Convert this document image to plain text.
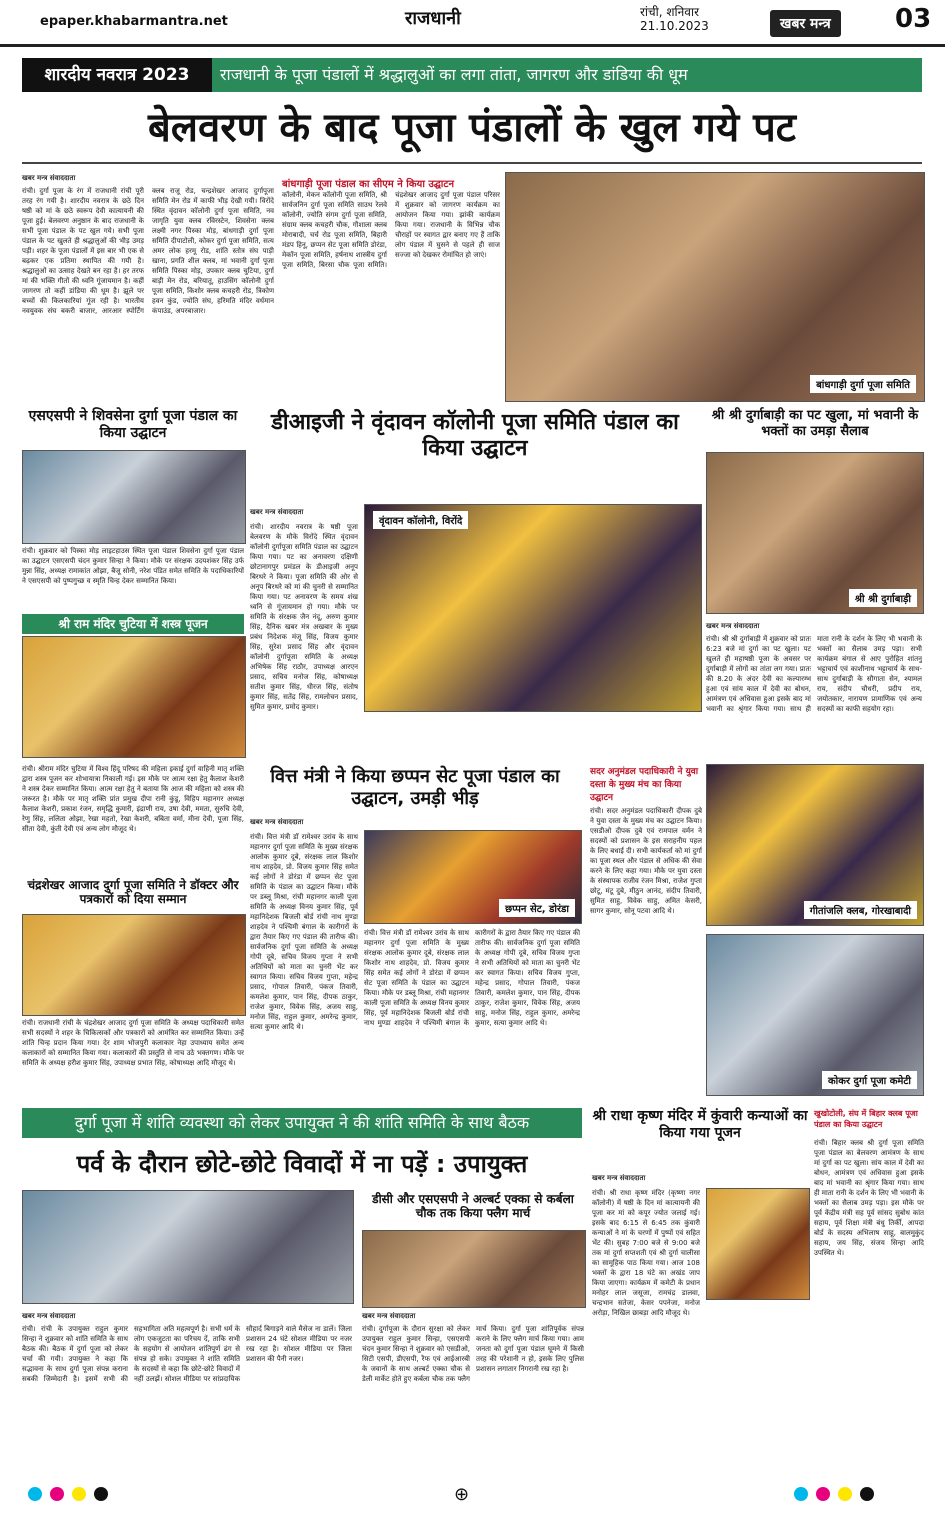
epaper.khabarmantra.net	राजधानी	रांची, शनिवार
21.10.2023	खबर मन्त्र	03
शारदीय नवरात्र 2023	राजधानी के पूजा पंडालों में श्रद्धालुओं का लगा तांता, जागरण और डांडिया की धूम
बेलवरण के बाद पूजा पंडालों के खुल गये पट
खबर मन्त्र संवाददाता
रांची। दुर्गा पूजा के रंग में राजधानी रांची पूरी तरह रंग गयी है। शारदीय नवरात्र के छठे दिन षष्ठी को मां के छठे स्वरूप देवी कात्यायनी की पूजा हुई। बेलवरण अनुष्ठान के बाद राजधानी के सभी पूजा पंडाल के पट खुल गये। सभी पूजा पंडाल के पट खुलते ही श्रद्धालुओं की भीड़ उमड़ पड़ी। शहर के पूजा पंडालों में इस बार भी एक से बढ़कर एक प्रतिमा स्थापित की गयी है। श्रद्धालुओं का उत्साह देखते बन रहा है। हर तरफ मां की भक्ति गीतों की ध्वनि गूंजायमान है। कहीं जागरण तो कहीं डांडिया की धूम है। झूले पर बच्चों की किलकारियां गूंज रही है। भारतीय नवयुवक संघ बकरी बाजार, आरआर स्पोर्टिंग क्लब राजू रोड, चन्द्रशेखर आजाद दुर्गापूजा समिति मेन रोड में काफी भीड़ देखी गयी। विरोंदे स्थित वृंदावन कॉलोनी दुर्गा पूजा समिति, नव जागृति युवा क्लब रविरस्टेन, शिवसेना क्लब लक्ष्मी नगर पिस्का मोड़, बांधगाड़ी दुर्गा पूजा समिति दीपाटोली, कोकर दुर्गा पूजा समिति, सत्य अमर लोक हरमू रोड, शांति स्तोत्र संघ पाड़ी खाना, प्रगति शील क्लब, मां भवानी दुर्गा पूजा समिति पिस्का मोड़, उपकार क्लब चुटिया, दुर्गा बाड़ी मेन रोड, बरियातू, हाउसिंग कॉलोनी दुर्गा पूजा समिति, किशोर क्लब कचहरी रोड, त्रिकोण हवन कुंड, ज्योति संघ, हरिमति मंदिर वर्धमान कंपाउंड, अपरबाजार।
बांधगाड़ी पूजा पंडाल का सीएम ने किया उद्घाटन
कॉलोनी, मेकन कॉलोनी पूजा समिति, श्री सार्वजनिन दुर्गा पूजा समिति साउथ रेलवे कॉलोनी, ज्योति संगम दुर्गा पूजा समिति, संग्राम क्लब कचहरी चौक, गौशाला क्लब मोराबादी, चर्च रोड पूजा समिति, बिहारी मंडप हिनू, छप्पन सेट पूजा समिति डोरंडा, मेकॉन पूजा समिति, हर्षनाथ शास्त्रीय दुर्गा पूजा समिति, बिरसा चौक पूजा समिति। चंद्रशेखर आजाद दुर्गा पूजा पंडाल परिसर में शुक्रवार को जागरण कार्यक्रम का आयोजन किया गया। झांकी कार्यक्रम किया गया। राजधानी के विभिन्न चौक चौराहों पर स्वागत द्वार बनाए गए हैं ताकि लोग पंडाल में घुसने से पहले ही साज सज्जा को देखकर रोमांचित हो जाएं।
बांधगाड़ी दुर्गा पूजा समिति
एसएसपी ने शिवसेना दुर्गा पूजा पंडाल का किया उद्घाटन
रांची। शुक्रवार को पिस्का मोड़ लाइटहाउस स्थित पूजा पंडाल शिवसेना दुर्गा पूजा पंडाल का उद्घाटन एसएसपी चंदन कुमार सिन्हा ने किया। मौके पर संरक्षक उदयशंकर सिंह उर्फ मुन्ना सिंह, अध्यक्ष रामाकांत ओझा, बैजू सोनी, नरेश पंडित समेत समिति के पदाधिकारियों ने एसएसपी को पुष्पगुच्छ व स्मृति चिन्ह देकर सम्मानित किया।
श्री राम मंदिर चुटिया में शस्त्र पूजन
डीआइजी ने वृंदावन कॉलोनी पूजा समिति पंडाल का किया उद्घाटन
खबर मन्त्र संवाददाता
रांची। शारदीय नवरात्र के षष्ठी पूजा बेलवरण के मौके विरोंदे स्थित वृंदावन कॉलोनी दुर्गापूजा समिति पंडाल का उद्घाटन किया गया। पट का अनावरण दक्षिणी छोटानागपुर प्रमंडल के डीआइजी अनूप बिरथरे ने किया। पूजा समिति की ओर से अनूप बिरथरे को मां की चुनरी से सम्मानित किया गया। पट अनावरण के समय शंख ध्वनि से गूंजायमान हो गया। मौके पर समिति के संरक्षक जैन नंदू, अरुण कुमार सिंह, दैनिक खबर मंत्र अखबार के मुख्य प्रबंध निदेशक मंजू सिंह, विजय कुमार सिंह, सुरेश प्रसाद सिंह और वृंदावन कॉलोनी दुर्गापूजा समिति के अध्यक्ष अभिषेक सिंह राठौर, उपाध्यक्ष आरएन प्रसाद, सचिव मनोज सिंह, कोषाध्यक्ष सतीश कुमार सिंह, धीरज सिंह, संतोष कुमार सिंह, सतेंद्र सिंह, रामलोचन प्रसाद, सुमित कुमार, प्रमोद कुमार।
वृंदावन कॉलोनी, विरोंदे
श्री श्री दुर्गाबाड़ी का पट खुला, मां भवानी के भक्तों का उमड़ा सैलाब
श्री श्री दुर्गाबाड़ी
खबर मन्त्र संवाददाता
रांची। श्री श्री दुर्गाबाड़ी में शुक्रवार को प्रातः 6:23 बजे मां दुर्गा का पट खुला। पट खुलते ही महाषष्ठी पूजा के अवसर पर दुर्गाबाड़ी में लोगों का तांता लग गया। प्रातः की 8.20 के अंदर देवी का कल्पारम्भ हुआ एवं सांय काल में देवी का बोधन, आमंत्रण एवं अधिवास हुआ इसके बाद मां भवानी का श्रृंगार किया गया। साथ ही माता रानी के दर्शन के लिए भी भवानी के भक्तों का सैलाब उमड़ पड़ा। सभी कार्यक्रम बंगाल से आए पुरोहित शांतनु भट्टाचार्य एवं काशीनाथ भट्टाचार्य के साथ-साथ दुर्गाबाड़ी के सौगाता सेन, श्यामल राय, संदीप चौधरी, प्रदीप राय, जयोतकार, नारायण प्रामाणिक एवं अन्य सदस्यों का काफी सहयोग रहा।
रांची। श्रीराम मंदिर चुटिया में विश्व हिंदू परिषद की महिला इकाई दुर्गा वाहिनी मातृ शक्ति द्वारा शस्त्र पूजन कर शोभायात्रा निकाली गई। इस मौके पर आत्म रक्षा हेतु कैलाश केशरी ने शस्त्र देकर सम्मानित किया। आत्म रक्षा हेतु ने बताया कि आज की महिला को शस्त्र की जरूरत है। मौके पर मातृ शक्ति प्रांत प्रमुख दीपा रानी कुंडू, विहिप महानगर अध्यक्ष कैलाश केशरी, प्रकाश रंजन, समृद्धि कुमारी, इंद्राणी राय, उषा देवी, ममता, सुरुचि देवी, रेणु सिंह, ललिता ओझा, रेखा महतो, रेखा केशरी, बबिता वर्मा, मीना देवी, पूजा सिंह, सीता देवी, कुंती देवी एवं अन्य लोग मौजूद थे।
वित्त मंत्री ने किया छप्पन सेट पूजा पंडाल का उद्घाटन, उमड़ी भीड़
खबर मन्त्र संवाददाता
रांची। वित्त मंत्री डॉ रामेश्वर उरांव के साथ महानगर दुर्गा पूजा समिति के मुख्य संरक्षक आलोक कुमार दूबे, संरक्षक लाल किशोर नाथ शाहदेव, प्रो. विजय कुमार सिंह समेत कई लोगों ने डोरंडा में छप्पन सेट पूजा समिति के पंडाल का उद्घाटन किया। मौके पर डब्लू मिश्रा, रांची महानगर काली पूजा समिति के अध्यक्ष विनय कुमार सिंह, पूर्व महानिदेशक बिजली बोर्ड रांची नाथ मुण्डा शाहदेव ने पश्चिमी बंगाल के कारीगरों के द्वारा तैयार किए गए पंडाल की तारीफ की। सार्वजनिक दुर्गा पूजा समिति के अध्यक्ष गोपी दूबे, सचिव विजय गुप्ता ने सभी अतिथियों को माता का चुनरी भेंट कर स्वागत किया। सचिव विजय गुप्ता, महेन्द्र प्रसाद, गोपाल तिवारी, पंकज तिवारी, कमलेश कुमार, पान सिंह, दीपक ठाकुर, राजेश कुमार, विवेक सिंह, अजय साहु, मनोज सिंह, राहुल कुमार, अमरेन्द्र कुमार, सत्या कुमार आदि थे।
छप्पन सेट, डोरंडा
रांची। वित्त मंत्री डॉ रामेश्वर उरांव के साथ महानगर दुर्गा पूजा समिति के मुख्य संरक्षक आलोक कुमार दूबे, संरक्षक लाल किशोर नाथ शाहदेव, प्रो. विजय कुमार सिंह समेत कई लोगों ने डोरंडा में छप्पन सेट पूजा समिति के पंडाल का उद्घाटन किया। मौके पर डब्लू मिश्रा, रांची महानगर काली पूजा समिति के अध्यक्ष विनय कुमार सिंह, पूर्व महानिदेशक बिजली बोर्ड रांची नाथ मुण्डा शाहदेव ने पश्चिमी बंगाल के कारीगरों के द्वारा तैयार किए गए पंडाल की तारीफ की। सार्वजनिक दुर्गा पूजा समिति के अध्यक्ष गोपी दूबे, सचिव विजय गुप्ता ने सभी अतिथियों को माता का चुनरी भेंट कर स्वागत किया। सचिव विजय गुप्ता, महेन्द्र प्रसाद, गोपाल तिवारी, पंकज तिवारी, कमलेश कुमार, पान सिंह, दीपक ठाकुर, राजेश कुमार, विवेक सिंह, अजय साहु, मनोज सिंह, राहुल कुमार, अमरेन्द्र कुमार, सत्या कुमार आदि थे।
चंद्रशेखर आजाद दुर्गा पूजा समिति ने डॉक्टर और पत्रकारों को दिया सम्मान
रांची। राजधानी रांची के चंद्रशेखर आजाद दुर्गा पूजा समिति के अध्यक्ष पदाधिकारी समेत सभी सदस्यों ने शहर के चिकित्सकों और पत्रकारों को आमंत्रित कर सम्मानित किया। उन्हें शांति चिन्ह प्रदान किया गया। देर शाम भोजपुरी कलाकार नेहा उपाध्याय समेत अन्य कलाकारों को सम्मानित किया गया। कलाकारों की प्रस्तुति से नाच उठे भक्तगण। मौके पर समिति के अध्यक्ष हरीश कुमार सिंह, उपाध्यक्ष प्रभात सिंह, कोषाध्यक्ष आदि मौजूद थे।
सदर अनुमंडल पदाधिकारी ने युवा दस्ता के मुख्य मंच का किया उद्घाटन
रांची। सदर अनुमंडल पदाधिकारी दीपक दुबे ने युवा दस्ता के मुख्य मंच का उद्घाटन किया। एसडीओ दीपक दुबे एवं रामपाल वर्मन ने सदस्यों को प्रशासन के इस सराहनीय पहल के लिए बधाई दी। सभी कार्यकर्ता को मां दुर्गा का पूजा स्थल और पंडाल से अधिक की सेवा करने के लिए कहा गया। मौके पर युवा दस्ता के संस्थापक राजीव रंजन मिश्रा, राजेश गुप्ता छोटू, मंटू दुबे, मीठुन आनंद, संदीप तिवारी, सुमित साहु, विवेक साहु, अमित केसरी, सागर कुमार, सोनू पटवा आदि थे।	गीतांजलि क्लब, गोरखाबादी
कोकर दुर्गा पूजा कमेटी
दुर्गा पूजा में शांति व्यवस्था को लेकर उपायुक्त ने की शांति समिति के साथ बैठक
पर्व के दौरान छोटे-छोटे विवादों में ना पड़ें : उपायुक्त
खबर मन्त्र संवाददाता
रांची। रांची के उपायुक्त राहुल कुमार सिन्हा ने शुक्रवार को शांति समिति के साथ बैठक की। बैठक में दुर्गा पूजा को लेकर चर्चा की गयी। उपायुक्त ने कहा कि सद्भावना के साथ दुर्गा पूजा संपन्न कराना सबकी जिम्मेदारी है। इसमें सभी की सहभागिता अति महत्वपूर्ण है। सभी धर्म के लोग एकजुटता का परिचय दें, ताकि सभी के सहयोग से आयोजन शांतिपूर्ण ढंग से संपन्न हो सके। उपायुक्त ने शांति समिति के सदस्यों से कहा कि छोटे-छोटे विवादों में नहीं उलझें। सोशल मीडिया पर सांप्रदायिक सौहार्द बिगाड़ने वाले मैसेज ना डालें। जिला प्रशासन 24 घंटे सोशल मीडिया पर नजर रख रहा है। सोशल मीडिया पर जिला प्रशासन की पैनी नजर।
डीसी और एसएसपी ने अल्बर्ट एक्का से कर्बला चौक तक किया फ्लैग मार्च
खबर मन्त्र संवाददाता
रांची। दुर्गापूजा के दौरान सुरक्षा को लेकर उपायुक्त राहुल कुमार सिन्हा, एसएसपी चंदन कुमार सिन्हा ने शुक्रवार को एसडीओ, सिटी एसपी, डीएसपी, रैफ एवं आईआरबी के जवानों के साथ अल्बर्ट एक्का चौक से डेली मार्केट होते हुए कर्बला चौक तक फ्लैग मार्च किया। दुर्गा पूजा शांतिपूर्वक संपन्न कराने के लिए फ्लैग मार्च किया गया। आम जनता को दुर्गा पूजा पंडाल घूमने में किसी तरह की परेशानी न हो, इसके लिए पुलिस प्रशासन लगातार निगरानी रख रहा है।
श्री राधा कृष्ण मंदिर में कुंवारी कन्याओं का किया गया पूजन
खबर मन्त्र संवाददाता
रांची। श्री राधा कृष्ण मंदिर (कृष्णा नगर कॉलोनी) में षष्ठी के दिन मां कात्यायनी की पूजा कर मां को कपूर ज्योत जलाई गई। इसके बाद 6:15 से 6:45 तक कुंवारी कन्याओं ने मां के चरणों में पुष्पों एवं सहित भेंट की। सुबह 7:00 बजे से 9:00 बजे तक मां दुर्गा सप्तशती एवं श्री दुर्गा चालीसा का सामूहिक पाठ किया गया। आज 108 भक्तों के द्वारा 18 घंटे का अखंड जाप किया जाएगा। कार्यक्रम में कमेटी के प्रधान मनोहर लाल जसूजा, रामचंद्र डालवा, चन्द्रभान सतेजा, केसर पपनेजा, मनोज अरोड़ा, निखिल छाबड़ा आदि मौजूद थे।
खुखोटोली, संघ में बिहार क्लब पूजा पंडाल का किया उद्घाटन
रांची। बिहार क्लब श्री दुर्गा पूजा समिति पूजा पंडाल का बेलवरण आमंत्रण के साथ मां दुर्गा का पट खुला। सांय काल में देवी का बोधन, आमंत्रण एवं अधिवास हुआ इसके बाद मां भवानी का श्रृंगार किया गया। साथ ही माता रानी के दर्शन के लिए भी भवानी के भक्तों का सैलाब उमड़ पड़ा। इस मौके पर पूर्व केंद्रीय मंत्री सह पूर्व सांसद सुबोध कांत सहाय, पूर्व शिक्षा मंत्री बंधु तिर्की, आपदा बोर्ड के सदस्य अभिलाष साहू, बालमुकुंद सहाय, जय सिंह, संजय सिन्हा आदि उपस्थित थे।
⊕
